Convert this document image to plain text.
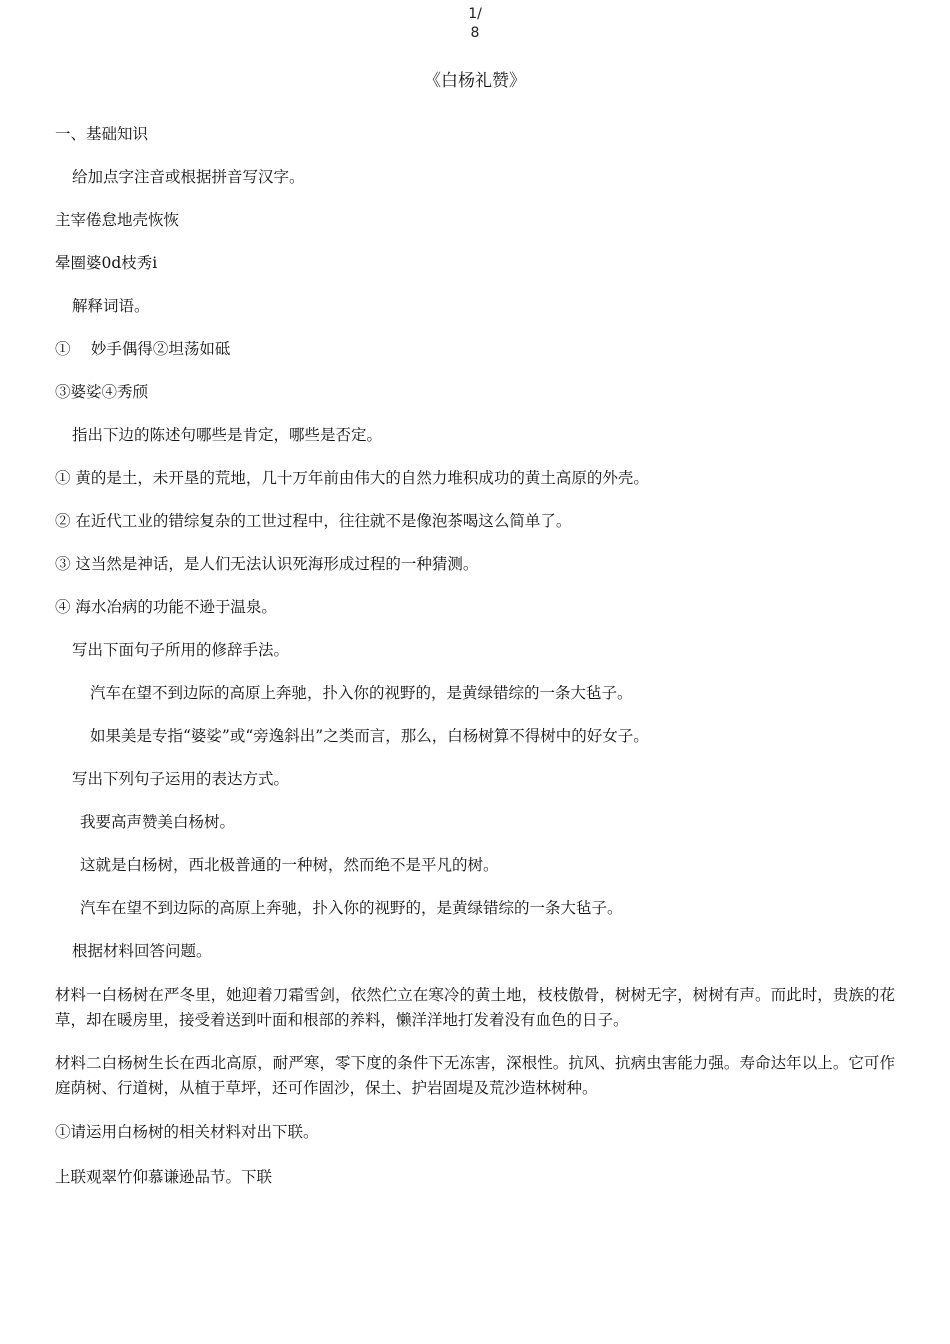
1/
8
《白杨礼赞》
一、基础知识
给加点字注音或根据拼音写汉字。
主宰倦怠地壳恢恢
晕圈婆0d枝秀i
解释词语。
①　 妙手偶得②坦荡如砥
③婆娑④秀颀
指出下边的陈述句哪些是肯定，哪些是否定。
① 黄的是土，未开垦的荒地，几十万年前由伟大的自然力堆积成功的黄土高原的外壳。
② 在近代工业的错综复杂的工世过程中，往往就不是像泡茶喝这么简单了。
③ 这当然是神话，是人们无法认识死海形成过程的一种猜测。
④ 海水冶病的功能不逊于温泉。
写出下面句子所用的修辞手法。
汽车在望不到边际的高原上奔驰，扑入你的视野的，是黄绿错综的一条大毡子。
如果美是专指“婆娑”或“旁逸斜出”之类而言，那么，白杨树算不得树中的好女子。
写出下列句子运用的表达方式。
我要高声赞美白杨树。
这就是白杨树，西北极普通的一种树，然而绝不是平凡的树。
汽车在望不到边际的高原上奔驰，扑入你的视野的，是黄绿错综的一条大毡子。
根据材料回答问题。
材料一白杨树在严冬里，她迎着刀霜雪剑，依然伫立在寒冷的黄土地，枝枝傲骨，树树无字，树树有声。而此时，贵族的花草，却在暖房里，接受着送到叶面和根部的养料，懒洋洋地打发着没有血色的日子。
材料二白杨树生长在西北高原，耐严寒，零下度的条件下无冻害，深根性。抗风、抗病虫害能力强。寿命达年以上。它可作庭荫树、行道树，从植于草坪，还可作固沙，保土、护岩固堤及荒沙造林树种。
①请运用白杨树的相关材料对出下联。
上联观翠竹仰慕谦逊品节。下联
